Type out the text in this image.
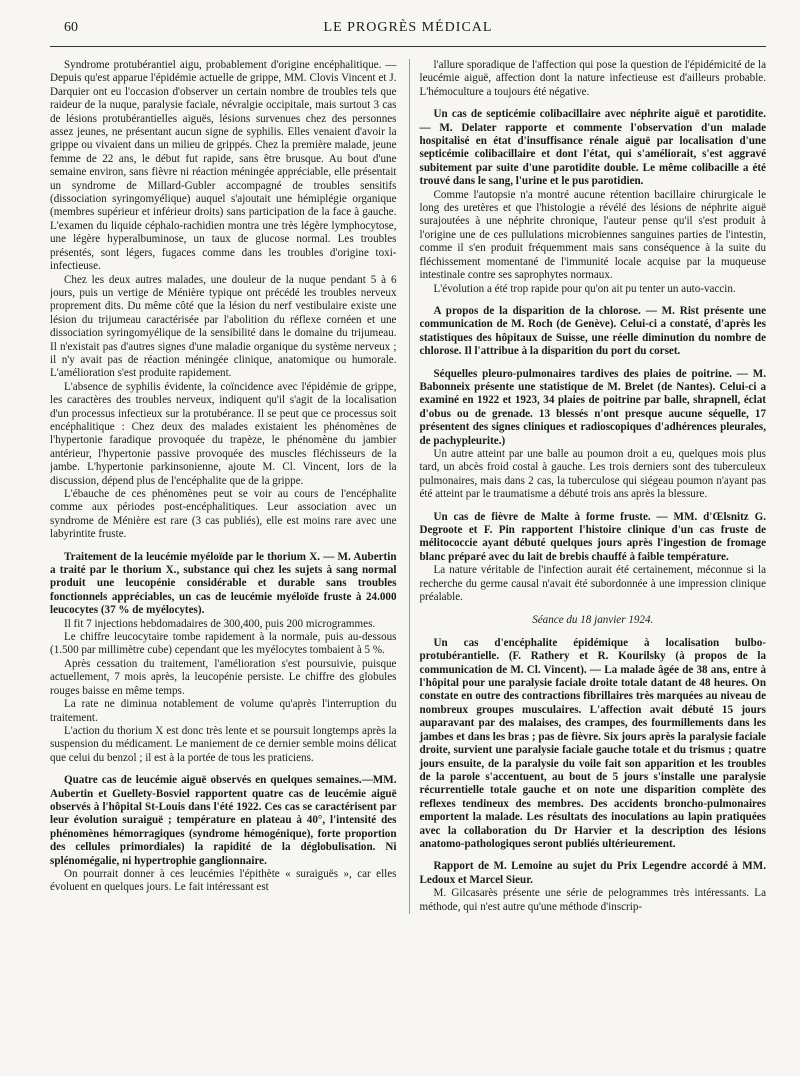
60	LE PROGRÈS MÉDICAL

Syndrome protubérantiel aigu, probablement d'origine encéphalitique. — Depuis qu'est apparue l'épidémie actuelle de grippe, MM. Clovis Vincent et J. Darquier ont eu l'occasion d'observer un certain nombre de troubles tels que raideur de la nuque, paralysie faciale, névralgie occipitale, mais surtout 3 cas de lésions protubérantielles aiguës, lésions survenues chez des personnes assez jeunes, ne présentant aucun signe de syphilis. Elles venaient d'avoir la grippe ou vivaient dans un milieu de grippés. Chez la première malade, jeune femme de 22 ans, le début fut rapide, sans être brusque. Au bout d'une semaine environ, sans fièvre ni réaction méningée appréciable, elle présentait un syndrome de Millard-Gubler accompagné de troubles sensitifs (dissociation syringomyélique) auquel s'ajoutait une hémiplégie organique (membres supérieur et inférieur droits) sans participation de la face à gauche. L'examen du liquide céphalo-rachidien montra une très légère lymphocytose, une légère hyperalbuminose, un taux de glucose normal. Les troubles présentés, sont légers, fugaces comme dans les troubles d'origine toxi-infectieuse.

Chez les deux autres malades, une douleur de la nuque pendant 5 à 6 jours, puis un vertige de Ménière typique ont précédé les troubles nerveux proprement dits. Du même côté que la lésion du nerf vestibulaire existe une lésion du trijumeau caractérisée par l'abolition du réflexe cornéen et une dissociation syringomyélique de la sensibilité dans le domaine du trijumeau. Il n'existait pas d'autres signes d'une maladie organique du système nerveux ; il n'y avait pas de réaction méningée clinique, anatomique ou humorale. L'amélioration s'est produite rapidement.

L'absence de syphilis évidente, la coïncidence avec l'épidémie de grippe, les caractères des troubles nerveux, indiquent qu'il s'agit de la localisation d'un processus infectieux sur la protubérance. Il se peut que ce processus soit encéphalitique : Chez deux des malades existaient les phénomènes de l'hypertonie faradique provoquée du trapèze, le phénomène du jambier antérieur, l'hypertonie passive provoquée des muscles fléchisseurs de la jambe. L'hypertonie parkinsonienne, ajoute M. Cl. Vincent, lors de la discussion, dépend plus de l'encéphalite que de la grippe.

L'ébauche de ces phénomènes peut se voir au cours de l'encéphalite comme aux périodes post-encéphalitiques. Leur association avec un syndrome de Ménière est rare (3 cas publiés), elle est moins rare avec une labyrintite fruste.

Traitement de la leucémie myéloïde par le thorium X. — M. Aubertin a traité par le thorium X., substance qui chez les sujets à sang normal produit une leucopénie considérable et durable sans troubles fonctionnels appréciables, un cas de leucémie myéloïde fruste à 24.000 leucocytes (37 % de myélocytes).

Il fit 7 injections hebdomadaires de 300,400, puis 200 microgrammes.

Le chiffre leucocytaire tombe rapidement à la normale, puis au-dessous (1.500 par millimètre cube) cependant que les myélocytes tombaient à 5 %.

Après cessation du traitement, l'amélioration s'est poursuivie, puisque actuellement, 7 mois après, la leucopénie persiste. Le chiffre des globules rouges baisse en même temps.

La rate ne diminua notablement de volume qu'après l'interruption du traitement.

L'action du thorium X est donc très lente et se poursuit longtemps après la suspension du médicament. Le maniement de ce dernier semble moins délicat que celui du benzol ; il est à la portée de tous les praticiens.

Quatre cas de leucémie aiguë observés en quelques semaines.—MM. Aubertin et Guellety-Bosviel rapportent quatre cas de leucémie aiguë observés à l'hôpital St-Louis dans l'été 1922. Ces cas se caractérisent par leur évolution suraiguë ; température en plateau à 40°, l'intensité des phénomènes hémorragiques (syndrome hémogénique), forte proportion des cellules primordiales) la rapidité de la déglobulisation. Ni splénomégalie, ni hypertrophie ganglionnaire.

On pourrait donner à ces leucémies l'épithète « suraiguës », car elles évoluent en quelques jours. Le fait intéressant est

l'allure sporadique de l'affection qui pose la question de l'épidémicité de la leucémie aiguë, affection dont la nature infectieuse est d'ailleurs probable. L'hémoculture a toujours été négative.

Un cas de septicémie colibacillaire avec néphrite aiguë et parotidite. — M. Delater rapporte et commente l'observation d'un malade hospitalisé en état d'insuffisance rénale aiguë par localisation d'une septicémie colibacillaire et dont l'état, qui s'améliorait, s'est aggravé subitement par suite d'une parotidite double. Le même colibacille a été trouvé dans le sang, l'urine et le pus parotidien.

Comme l'autopsie n'a montré aucune rétention bacillaire chirurgicale le long des uretères et que l'histologie a révélé des lésions de néphrite aiguë surajoutées à une néphrite chronique, l'auteur pense qu'il s'est produit à l'origine une de ces pullulations microbiennes sanguines parties de l'intestin, comme il s'en produit fréquemment mais sans conséquence à la suite du fléchissement momentané de l'immunité locale acquise par la muqueuse intestinale contre ses saprophytes normaux.

L'évolution a été trop rapide pour qu'on ait pu tenter un auto-vaccin.

A propos de la disparition de la chlorose. — M. Rist présente une communication de M. Roch (de Genève). Celui-ci a constaté, d'après les statistiques des hôpitaux de Suisse, une réelle diminution du nombre de chlorose. Il l'attribue à la disparition du port du corset.
Séquelles pleuro-pulmonaires tardives des plaies de poitrine. — M. Babonneix présente une statistique de M. Brelet (de Nantes). Celui-ci a examiné en 1922 et 1923, 34 plaies de poitrine par balle, shrapnell, éclat d'obus ou de grenade. 13 blessés n'ont presque aucune séquelle, 17 présentent des signes cliniques et radioscopiques d'adhérences pleurales, de pachypleurite.)

Un autre atteint par une balle au poumon droit a eu, quelques mois plus tard, un abcès froid costal à gauche. Les trois derniers sont des tuberculeux pulmonaires, mais dans 2 cas, la tuberculose qui siégeau poumon n'ayant pas été atteint par le traumatisme a débuté trois ans après la blessure.

Un cas de fièvre de Malte à forme fruste. — MM. d'Œlsnitz G. Degroote et F. Pin rapportent l'histoire clinique d'un cas fruste de mélitococcie ayant débuté quelques jours après l'ingestion de fromage blanc préparé avec du lait de brebis chauffé à faible température.

La nature véritable de l'infection aurait été certainement, méconnue si la recherche du germe causal n'avait été subordonnée à une impression clinique préalable.

Séance du 18 janvier 1924.
Un cas d'encéphalite épidémique à localisation bulbo-protubérantielle. (F. Rathery et R. Kourilsky (à propos de la communication de M. Cl. Vincent). — La malade âgée de 38 ans, entre à l'hôpital pour une paralysie faciale droite totale datant de 48 heures. On constate en outre des contractions fibrillaires très marquées au niveau de nombreux groupes musculaires. L'affection avait débuté 15 jours auparavant par des malaises, des crampes, des fourmillements dans les jambes et dans les bras ; pas de fièvre. Six jours après la paralysie faciale droite, survient une paralysie faciale gauche totale et du trismus ; quatre jours ensuite, de la paralysie du voile fait son apparition et les troubles de la parole s'accentuent, au bout de 5 jours s'installe une paralysie récurrentielle totale gauche et on note une disparition complète des reflexes tendineux des membres. Des accidents broncho-pulmonaires emportent la malade. Les résultats des inoculations au lapin pratiquées avec la collaboration du Dr Harvier et la description des lésions anatomo-pathologiques seront publiés ultérieurement.
Rapport de M. Lemoine au sujet du Prix Legendre accordé à MM. Ledoux et Marcel Sieur.

M. Gilcasarès présente une série de pelogrammes très intéressants. La méthode, qui n'est autre qu'une méthode d'inscrip-
